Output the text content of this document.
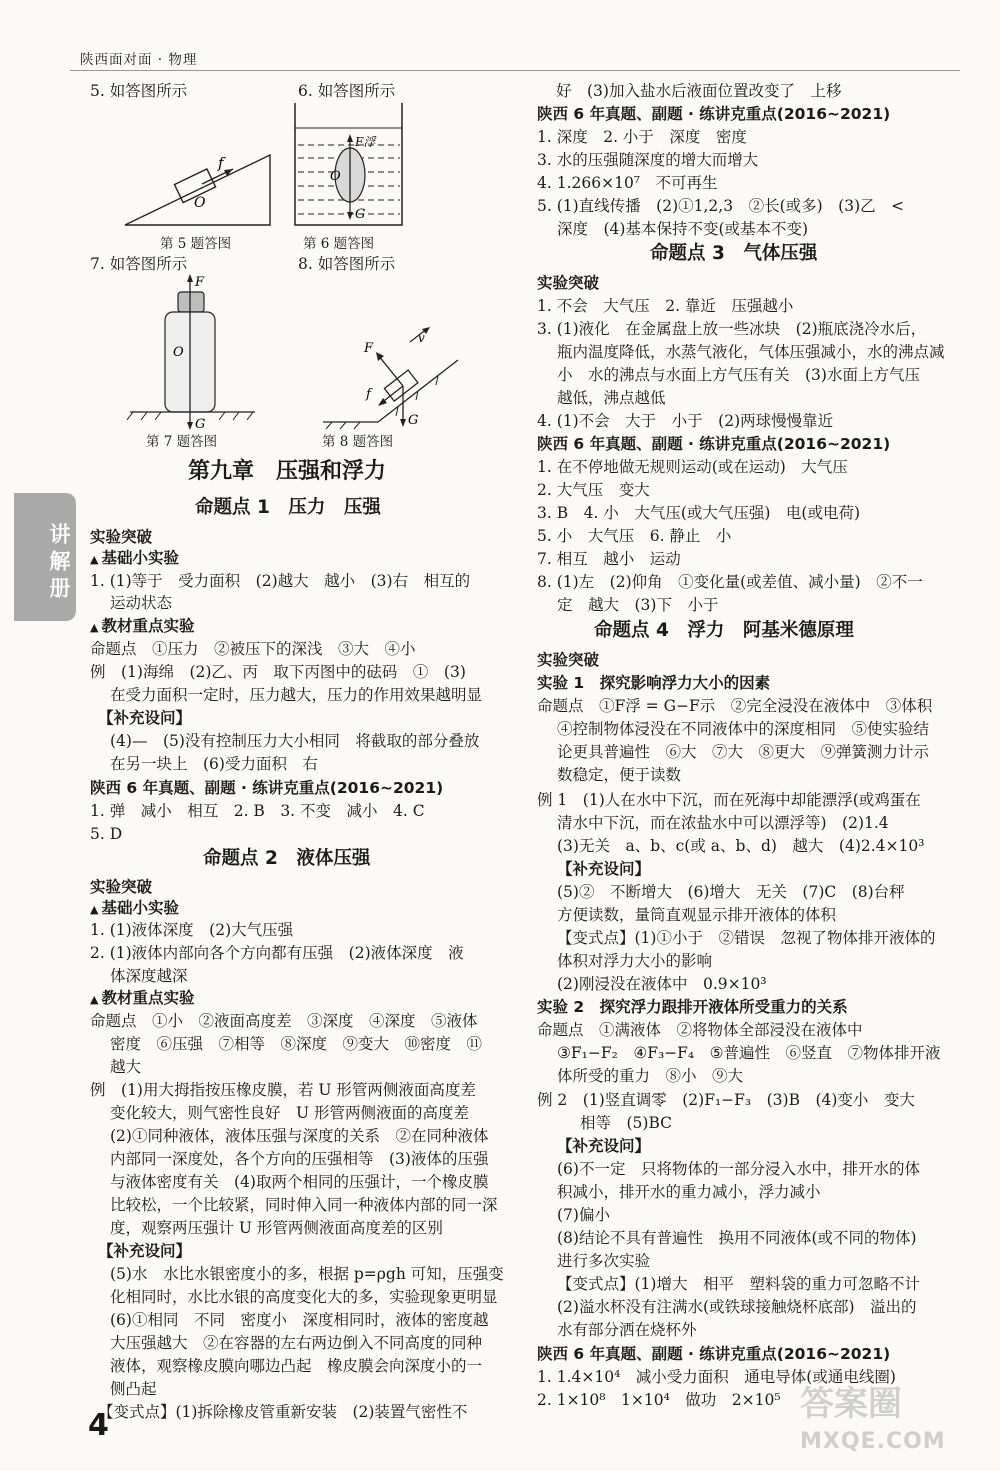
陕西面对面 · 物理
讲解册
5. 如答图所示
f
O
第 5 题答图
6. 如答图所示
F浮
O
G
第 6 题答图
7. 如答图所示
F
O
G
第 7 题答图
8. 如答图所示
F
v
f
G
第 8 题答图
第九章　压强和浮力
命题点 1　压力　压强
实验突破
▲ 基础小实验
1. (1)等于　受力面积　(2)越大　越小　(3)右　相互的
运动状态
▲ 教材重点实验
命题点　①压力　②被压下的深浅　③大　④小
例　(1)海绵　(2)乙、丙　取下丙图中的砝码　①　(3)
在受力面积一定时，压力越大，压力的作用效果越明显
【补充设问】
(4)—　(5)没有控制压力大小相同　将截取的部分叠放
在另一块上　(6)受力面积　右
陕西 6 年真题、副题 · 练讲克重点(2016~2021)
1. 弹　减小　相互　2. B　3. 不变　减小　4. C
5. D
命题点 2　液体压强
实验突破
▲ 基础小实验
1. (1)液体深度　(2)大气压强
2. (1)液体内部向各个方向都有压强　(2)液体深度　液
体深度越深
▲ 教材重点实验
命题点　①小　②液面高度差　③深度　④深度　⑤液体
密度　⑥压强　⑦相等　⑧深度　⑨变大　⑩密度　⑪
越大
例　(1)用大拇指按压橡皮膜，若 U 形管两侧液面高度差
变化较大，则气密性良好　U 形管两侧液面的高度差
(2)①同种液体，液体压强与深度的关系　②在同种液体
内部同一深度处，各个方向的压强相等　(3)液体的压强
与液体密度有关　(4)取两个相同的压强计，一个橡皮膜
比较松，一个比较紧，同时伸入同一种液体内部的同一深
度，观察两压强计 U 形管两侧液面高度差的区别
【补充设问】
(5)水　水比水银密度小的多，根据 p=ρgh 可知，压强变
化相同时，水比水银的高度变化大的多，实验现象更明显
(6)①相同　不同　密度小　深度相同时，液体的密度越
大压强越大　②在容器的左右两边倒入不同高度的同种
液体，观察橡皮膜向哪边凸起　橡皮膜会向深度小的一
侧凸起
【变式点】(1)拆除橡皮管重新安装　(2)装置气密性不
好　(3)加入盐水后液面位置改变了　上移
陕西 6 年真题、副题 · 练讲克重点(2016~2021)
1. 深度　2. 小于　深度　密度
3. 水的压强随深度的增大而增大
4. 1.266×10⁷　不可再生
5. (1)直线传播　(2)①1,2,3　②长(或多)　(3)乙　<
深度　(4)基本保持不变(或基本不变)
命题点 3　气体压强
实验突破
1. 不会　大气压　2. 靠近　压强越小
3. (1)液化　在金属盘上放一些冰块　(2)瓶底浇冷水后，
瓶内温度降低，水蒸气液化，气体压强减小，水的沸点减
小　水的沸点与水面上方气压有关　(3)水面上方气压
越低，沸点越低
4. (1)不会　大于　小于　(2)两球慢慢靠近
陕西 6 年真题、副题 · 练讲克重点(2016~2021)
1. 在不停地做无规则运动(或在运动)　大气压
2. 大气压　变大
3. B　4. 小　大气压(或大气压强)　电(或电荷)
5. 小　大气压　6. 静止　小
7. 相互　越小　运动
8. (1)左　(2)仰角　①变化量(或差值、减小量)　②不一
定　越大　(3)下　小于
命题点 4　浮力　阿基米德原理
实验突破
实验 1　探究影响浮力大小的因素
命题点　①F浮 = G−F示　②完全浸没在液体中　③体积
④控制物体浸没在不同液体中的深度相同　⑤使实验结
论更具普遍性　⑥大　⑦大　⑧更大　⑨弹簧测力计示
数稳定，便于读数
例 1　(1)人在水中下沉，而在死海中却能漂浮(或鸡蛋在
清水中下沉，而在浓盐水中可以漂浮等)　(2)1.4
(3)无关　a、b、c(或 a、b、d)　越大　(4)2.4×10³
【补充设问】
(5)②　不断增大　(6)增大　无关　(7)C　(8)台秤
方便读数，量筒直观显示排开液体的体积
【变式点】(1)①小于　②错误　忽视了物体排开液体的
体积对浮力大小的影响
(2)刚浸没在液体中　0.9×10³
实验 2　探究浮力跟排开液体所受重力的关系
命题点　①满液体　②将物体全部浸没在液体中
③F₁−F₂　④F₃−F₄　⑤普遍性　⑥竖直　⑦物体排开液
体所受的重力　⑧小　⑨大
例 2　(1)竖直调零　(2)F₁−F₃　(3)B　(4)变小　变大
相等　(5)BC
【补充设问】
(6)不一定　只将物体的一部分浸入水中，排开水的体
积减小，排开水的重力减小，浮力减小
(7)偏小
(8)结论不具有普遍性　换用不同液体(或不同的物体)
进行多次实验
【变式点】(1)增大　相平　塑料袋的重力可忽略不计
(2)溢水杯没有注满水(或铁球接触烧杯底部)　溢出的
水有部分洒在烧杯外
陕西 6 年真题、副题 · 练讲克重点(2016~2021)
1. 1.4×10⁴　减小受力面积　通电导体(或通电线圈)
2. 1×10⁸　1×10⁴　做功　2×10⁵
4
答案圈
MXQE.COM
